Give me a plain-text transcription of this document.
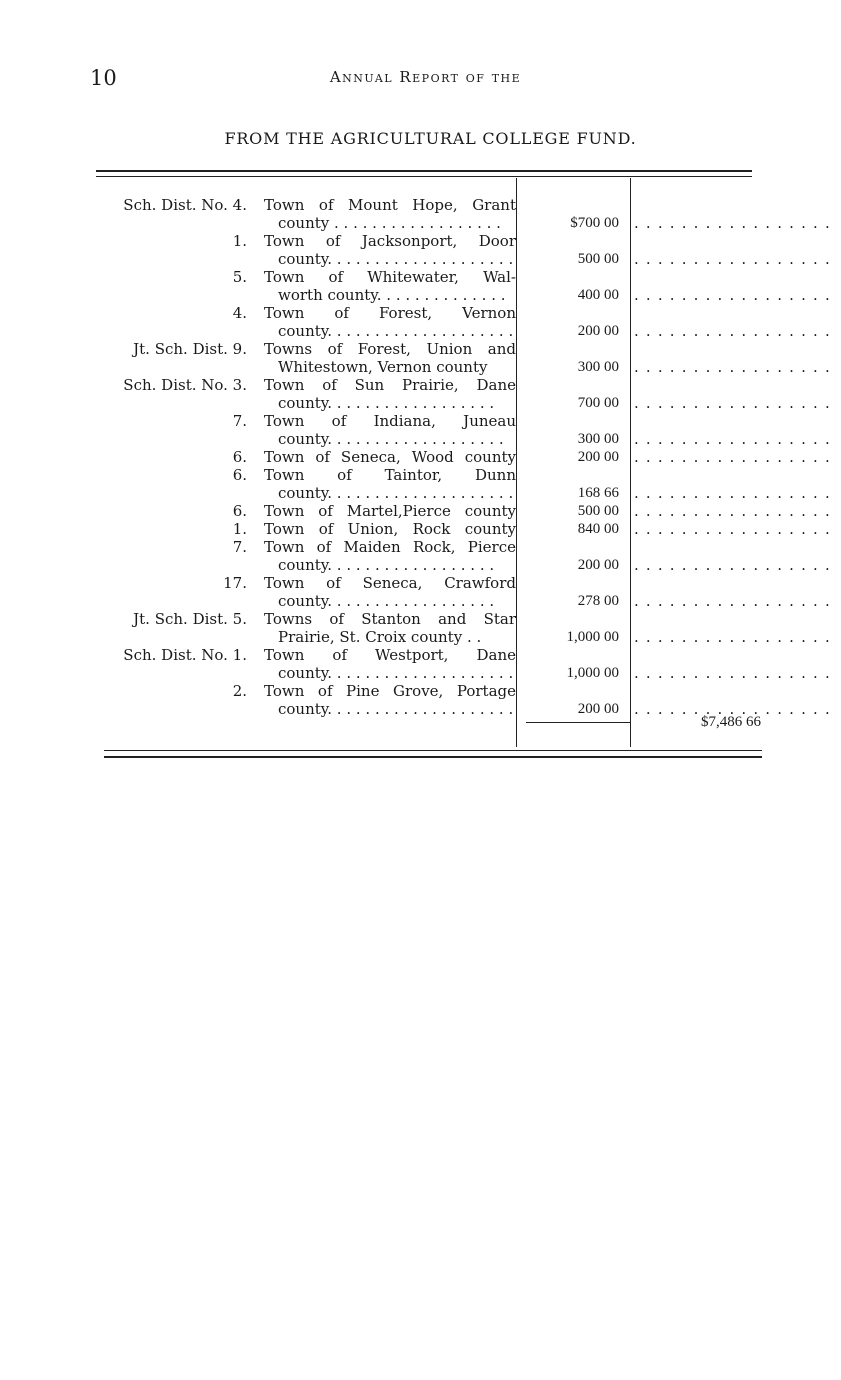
10	Annual Report of the
FROM THE AGRICULTURAL COLLEGE FUND.
Sch. Dist. No. 4. Town of Mount Hope, Grant
county . . . . . . . . . . . . . . . . . .	$700 00 . . . . . . . . . . . . . . . . .
1. Town of Jacksonport, Door
county. . . . . . . . . . . . . . . . . . . .	500 00 . . . . . . . . . . . . . . . . .
5. Town of Whitewater, Wal-
worth county. . . . . . . . . . . . . .	400 00 . . . . . . . . . . . . . . . . .
4. Town of Forest, Vernon
county. . . . . . . . . . . . . . . . . . . .	200 00 . . . . . . . . . . . . . . . . .
Jt. Sch. Dist. 9. Towns of Forest, Union and
Whitestown, Vernon county	300 00 . . . . . . . . . . . . . . . . .
Sch. Dist. No. 3. Town of Sun Prairie, Dane
county. . . . . . . . . . . . . . . . . .	700 00 . . . . . . . . . . . . . . . . .
7. Town of Indiana, Juneau
county. . . . . . . . . . . . . . . . . . .	300 00 . . . . . . . . . . . . . . . . .
6. Town of Seneca, Wood county	200 00 . . . . . . . . . . . . . . . . .
6. Town of Taintor, Dunn
county. . . . . . . . . . . . . . . . . . . .	168 66 . . . . . . . . . . . . . . . . .
6. Town of Martel,Pierce county	500 00 . . . . . . . . . . . . . . . . .
1. Town of Union, Rock county	840 00 . . . . . . . . . . . . . . . . .
7. Town of Maiden Rock, Pierce
county. . . . . . . . . . . . . . . . . .	200 00 . . . . . . . . . . . . . . . . .
17. Town of Seneca, Crawford
county. . . . . . . . . . . . . . . . . .	278 00 . . . . . . . . . . . . . . . . .
Jt. Sch. Dist. 5. Towns of Stanton and Star
Prairie, St. Croix county . .	1,000 00 . . . . . . . . . . . . . . . . .
Sch. Dist. No. 1. Town of Westport, Dane
county. . . . . . . . . . . . . . . . . . . .	1,000 00 . . . . . . . . . . . . . . . . .
2. Town of Pine Grove, Portage
county. . . . . . . . . . . . . . . . . . . .	200 00 . . . . . . . . . . . . . . . . .
$7,486 66
